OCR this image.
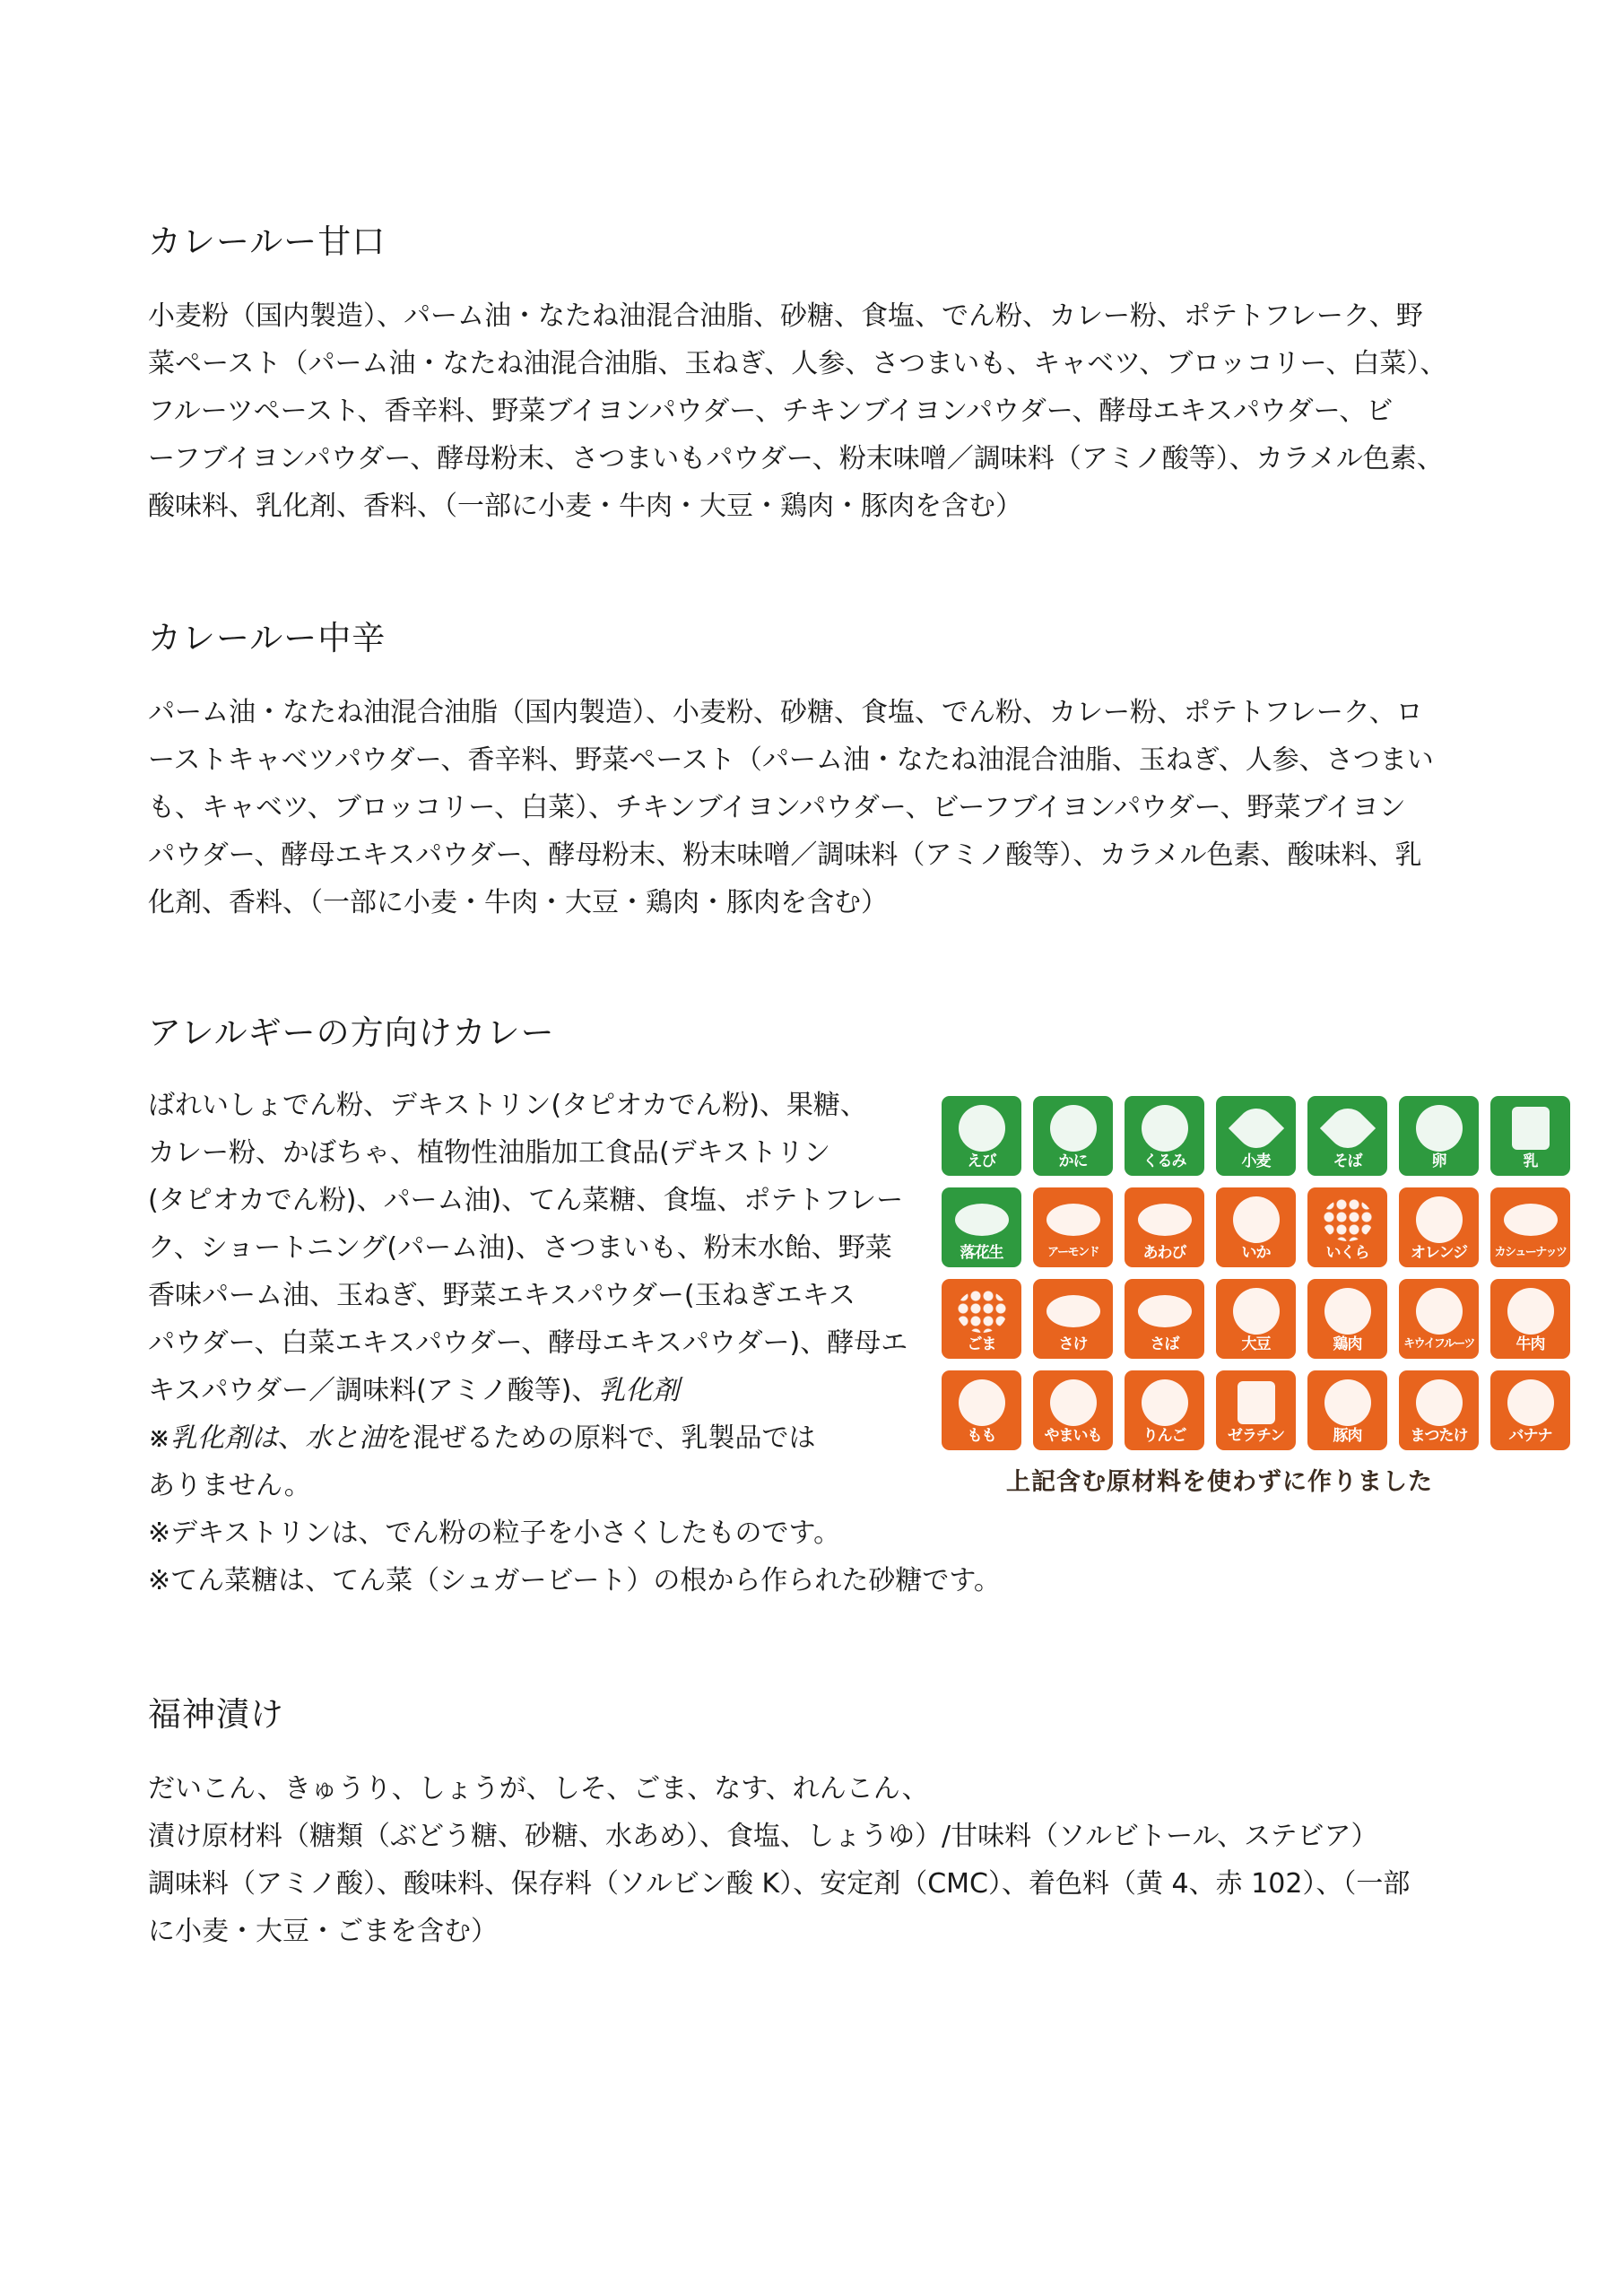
カレールー甘口

小麦粉（国内製造）、パーム油・なたね油混合油脂、砂糖、食塩、でん粉、カレー粉、ポテトフレーク、野

菜ペースト（パーム油・なたね油混合油脂、玉ねぎ、人参、さつまいも、キャベツ、ブロッコリー、白菜）、

フルーツペースト、香辛料、野菜ブイヨンパウダー、チキンブイヨンパウダー、酵母エキスパウダー、ビ

ーフブイヨンパウダー、酵母粉末、さつまいもパウダー、粉末味噌／調味料（アミノ酸等）、カラメル色素、

酸味料、乳化剤、香料、（一部に小麦・牛肉・大豆・鶏肉・豚肉を含む）

カレールー中辛

パーム油・なたね油混合油脂（国内製造）、小麦粉、砂糖、食塩、でん粉、カレー粉、ポテトフレーク、ロ

ーストキャベツパウダー、香辛料、野菜ペースト（パーム油・なたね油混合油脂、玉ねぎ、人参、さつまい

も、キャベツ、ブロッコリー、白菜）、チキンブイヨンパウダー、ビーフブイヨンパウダー、野菜ブイヨン

パウダー、酵母エキスパウダー、酵母粉末、粉末味噌／調味料（アミノ酸等）、カラメル色素、酸味料、乳

化剤、香料、（一部に小麦・牛肉・大豆・鶏肉・豚肉を含む）

アレルギーの方向けカレー

ばれいしょでん粉、デキストリン(タピオカでん粉)、果糖、

カレー粉、かぼちゃ、植物性油脂加工食品(デキストリン

(タピオカでん粉)、パーム油)、てん菜糖、食塩、ポテトフレー

ク、ショートニング(パーム油)、さつまいも、粉末水飴、野菜

香味パーム油、玉ねぎ、野菜エキスパウダー(玉ねぎエキス

パウダー、白菜エキスパウダー、酵母エキスパウダー)、酵母エ

キスパウダー／調味料(アミノ酸等)、乳化剤

※乳化剤は、水と油を混ぜるための原料で、乳製品では

ありません。

※デキストリンは、でん粉の粒子を小さくしたものです。

※てん菜糖は、てん菜（シュガービート）の根から作られた砂糖です。

えび	かに	くるみ	小麦	そば	卵	乳
落花生	アーモンド	あわび	いか	いくら	オレンジ	カシューナッツ
ごま	さけ	さば	大豆	鶏肉	キウイフルーツ	牛肉
もも	やまいも	りんご	ゼラチン	豚肉	まつたけ	バナナ
上記含む原材料を使わずに作りました
福神漬け

だいこん、きゅうり、しょうが、しそ、ごま、なす、れんこん、

漬け原材料（糖類（ぶどう糖、砂糖、水あめ）、食塩、しょうゆ）/甘味料（ソルビトール、ステビア）

調味料（アミノ酸）、酸味料、保存料（ソルビン酸 K）、安定剤（CMC）、着色料（黄 4、赤 102）、（一部

に小麦・大豆・ごまを含む）
